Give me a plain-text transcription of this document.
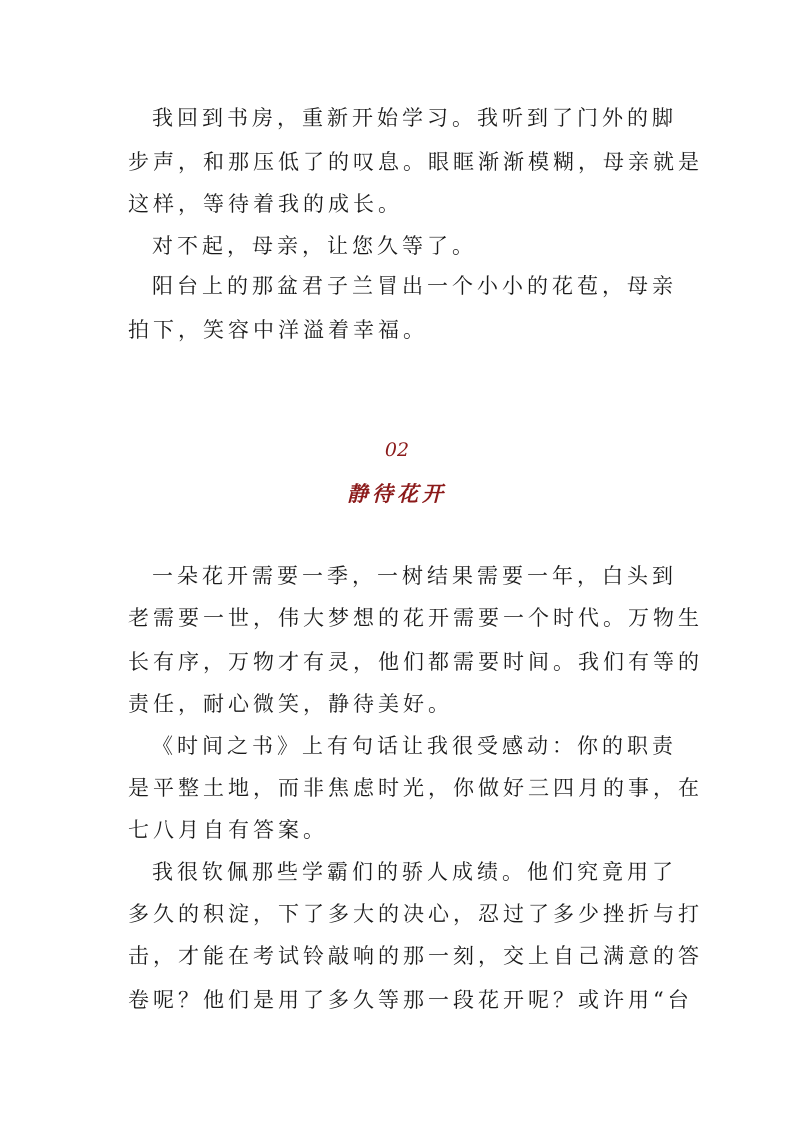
我回到书房，重新开始学习。我听到了门外的脚
步声，和那压低了的叹息。眼眶渐渐模糊，母亲就是
这样，等待着我的成长。
对不起，母亲，让您久等了。
阳台上的那盆君子兰冒出一个小小的花苞，母亲
拍下，笑容中洋溢着幸福。
02
静待花开
一朵花开需要一季，一树结果需要一年，白头到
老需要一世，伟大梦想的花开需要一个时代。万物生
长有序，万物才有灵，他们都需要时间。我们有等的
责任，耐心微笑，静待美好。
《时间之书》上有句话让我很受感动：你的职责
是平整土地，而非焦虑时光，你做好三四月的事，在
七八月自有答案。
我很钦佩那些学霸们的骄人成绩。他们究竟用了
多久的积淀，下了多大的决心，忍过了多少挫折与打
击，才能在考试铃敲响的那一刻，交上自己满意的答
卷呢？他们是用了多久等那一段花开呢？或许用“台
